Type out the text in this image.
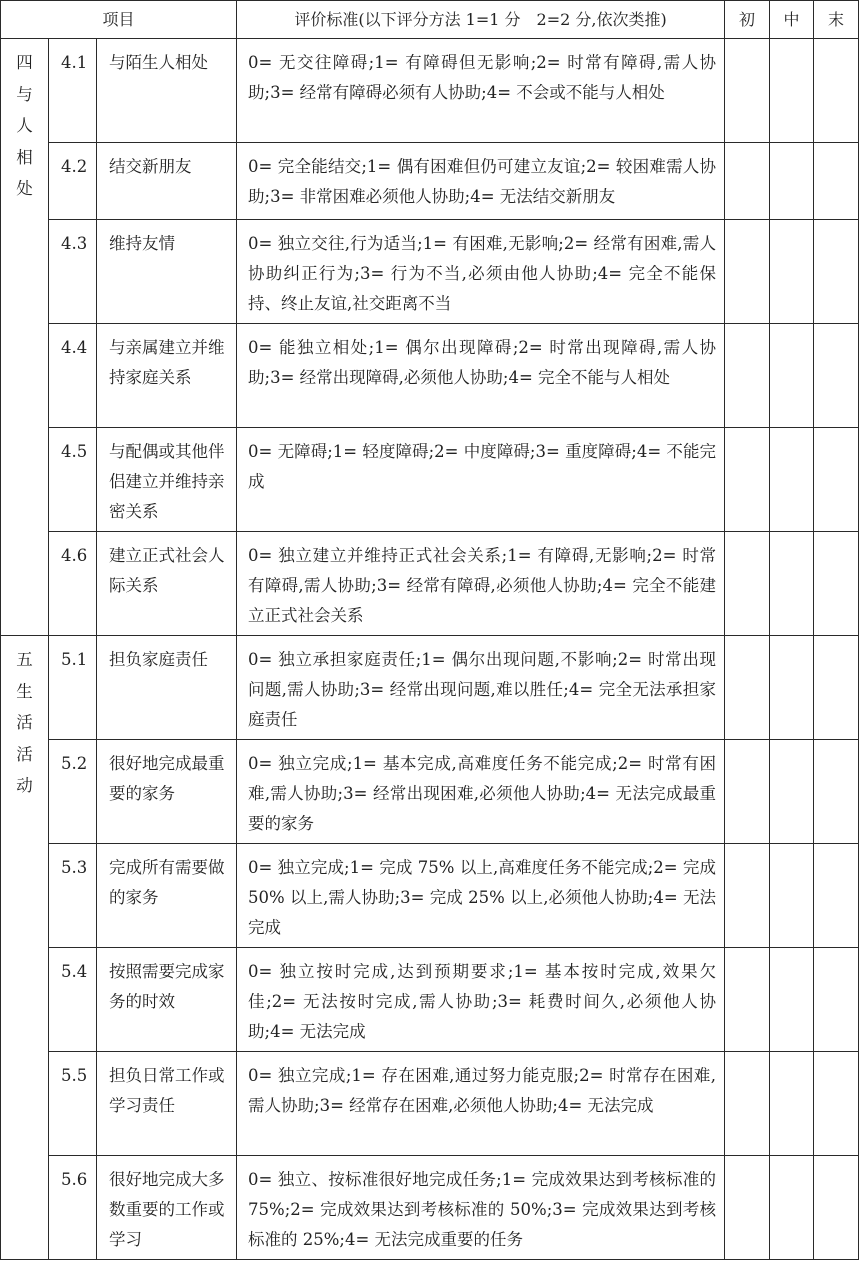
项目			评价标准(以下评分方法 1=1 分　2=2 分,依次类推)	初	中	末

四
与
人
相
处	4.1	与陌生人相处	0= 无交往障碍;1= 有障碍但无影响;2= 时常有障碍,需人协助;3= 经常有障碍必须有人协助;4= 不会或不能与人相处			
	4.2	结交新朋友	0= 完全能结交;1= 偶有困难但仍可建立友谊;2= 较困难需人协助;3= 非常困难必须他人协助;4= 无法结交新朋友			
	4.3	维持友情	0= 独立交往,行为适当;1= 有困难,无影响;2= 经常有困难,需人协助纠正行为;3= 行为不当,必须由他人协助;4= 完全不能保持、终止友谊,社交距离不当			
	4.4	与亲属建立并维持家庭关系	0= 能独立相处;1= 偶尔出现障碍;2= 时常出现障碍,需人协助;3= 经常出现障碍,必须他人协助;4= 完全不能与人相处			
	4.5	与配偶或其他伴侣建立并维持亲密关系	0= 无障碍;1= 轻度障碍;2= 中度障碍;3= 重度障碍;4= 不能完成			
	4.6	建立正式社会人际关系	0= 独立建立并维持正式社会关系;1= 有障碍,无影响;2= 时常有障碍,需人协助;3= 经常有障碍,必须他人协助;4= 完全不能建立正式社会关系			

五
生
活
活
动	5.1	担负家庭责任	0= 独立承担家庭责任;1= 偶尔出现问题,不影响;2= 时常出现问题,需人协助;3= 经常出现问题,难以胜任;4= 完全无法承担家庭责任			
	5.2	很好地完成最重要的家务	0= 独立完成;1= 基本完成,高难度任务不能完成;2= 时常有困难,需人协助;3= 经常出现困难,必须他人协助;4= 无法完成最重要的家务			
	5.3	完成所有需要做的家务	0= 独立完成;1= 完成 75% 以上,高难度任务不能完成;2= 完成 50% 以上,需人协助;3= 完成 25% 以上,必须他人协助;4= 无法完成			
	5.4	按照需要完成家务的时效	0= 独立按时完成,达到预期要求;1= 基本按时完成,效果欠佳;2= 无法按时完成,需人协助;3= 耗费时间久,必须他人协助;4= 无法完成			
	5.5	担负日常工作或学习责任	0= 独立完成;1= 存在困难,通过努力能克服;2= 时常存在困难,需人协助;3= 经常存在困难,必须他人协助;4= 无法完成			
	5.6	很好地完成大多数重要的工作或学习	0= 独立、按标准很好地完成任务;1= 完成效果达到考核标准的 75%;2= 完成效果达到考核标准的 50%;3= 完成效果达到考核标准的 25%;4= 无法完成重要的任务			
